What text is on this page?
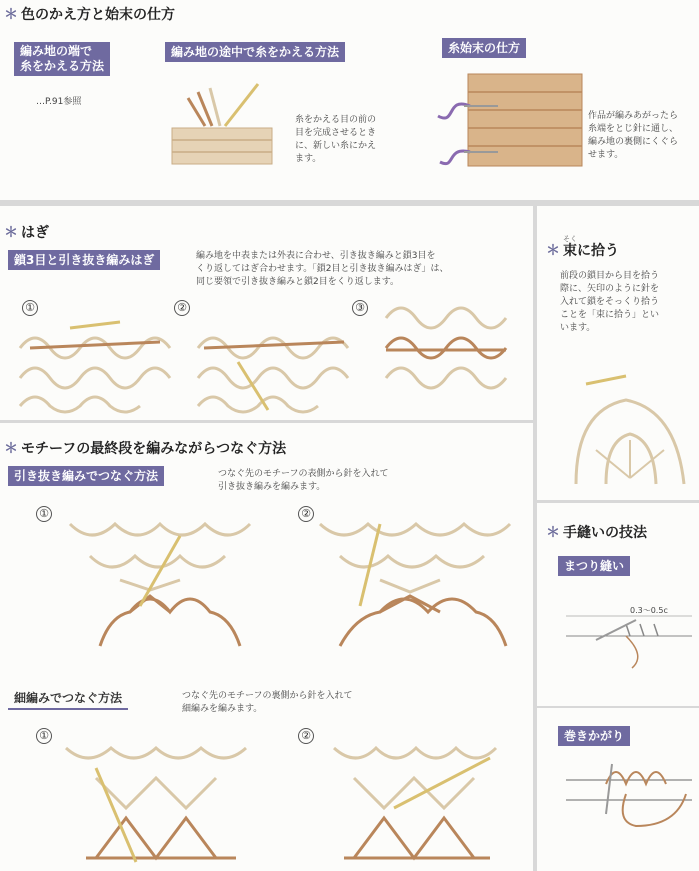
＊ 色のかえ方と始末の仕方
編み地の端で
糸をかえる方法
…P.91参照
編み地の途中で糸をかえる方法
糸をかえる目の前の
目を完成させるとき
に、新しい糸にかえ
ます。
糸始末の仕方
作品が編みあがったら
糸端をとじ針に通し、
編み地の裏側にくぐら
せます。
＊ はぎ
鎖3目と引き抜き編みはぎ	編み地を中表または外表に合わせ、引き抜き編みと鎖3目を
くり返してはぎ合わせます。「鎖2目と引き抜き編みはぎ」は、
同じ要領で引き抜き編みと鎖2目をくり返します。
①	②	③
＊ モチーフの最終段を編みながらつなぐ方法
引き抜き編みでつなぐ方法	つなぐ先のモチーフの表側から針を入れて
引き抜き編みを編みます。
①	②
細編みでつなぐ方法	つなぐ先のモチーフの裏側から針を入れて
細編みを編みます。
①	②
＊
そく
束に拾う
前段の鎖目から目を拾う
際に、矢印のように針を
入れて鎖をそっくり拾う
ことを「束に拾う」とい
います。
＊ 手縫いの技法
まつり縫い
0.3～0.5c
巻きかがり
